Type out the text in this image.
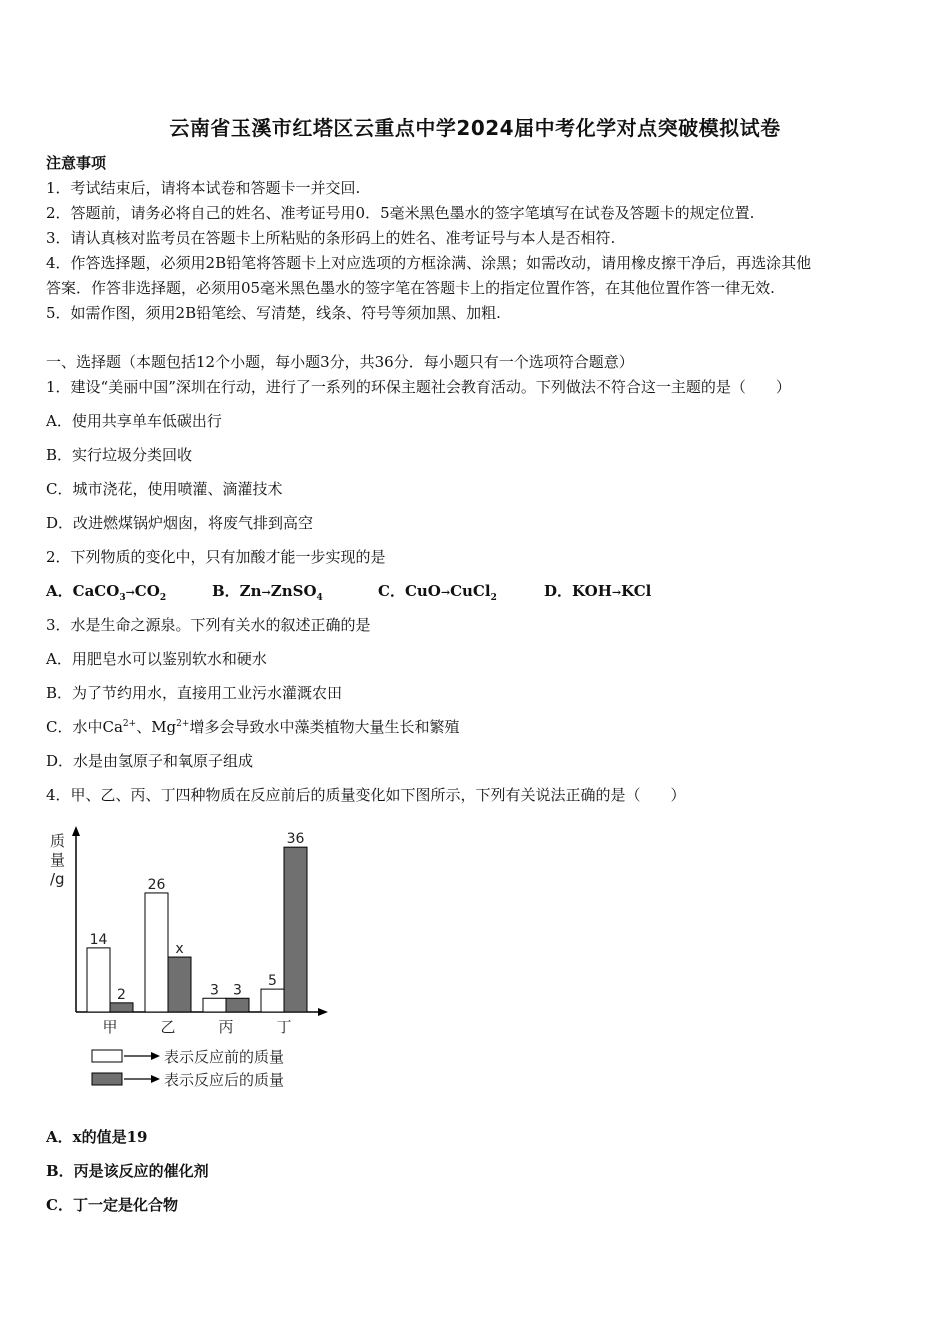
云南省玉溪市红塔区云重点中学2024届中考化学对点突破模拟试卷
注意事项
1．考试结束后，请将本试卷和答题卡一并交回.
2．答题前，请务必将自己的姓名、准考证号用0．5毫米黑色墨水的签字笔填写在试卷及答题卡的规定位置.
3．请认真核对监考员在答题卡上所粘贴的条形码上的姓名、准考证号与本人是否相符.
4．作答选择题，必须用2B铅笔将答题卡上对应选项的方框涂满、涂黑；如需改动，请用橡皮擦干净后，再选涂其他
答案．作答非选择题，必须用05毫米黑色墨水的签字笔在答题卡上的指定位置作答，在其他位置作答一律无效.
5．如需作图，须用2B铅笔绘、写清楚，线条、符号等须加黑、加粗.
一、选择题（本题包括12个小题，每小题3分，共36分．每小题只有一个选项符合题意）
1．建设“美丽中国”深圳在行动，进行了一系列的环保主题社会教育活动。下列做法不符合这一主题的是（　　）
A．使用共享单车低碳出行
B．实行垃圾分类回收
C．城市浇花，使用喷灌、滴灌技术
D．改进燃煤锅炉烟囱，将废气排到高空
2．下列物质的变化中，只有加酸才能一步实现的是
A．$CaCO_3\to CO_2$	B．Zn→ZnSO$_4$	C．CuO→CuCl$_2$	D．KOH→KCl
3．水是生命之源泉。下列有关水的叙述正确的是
A．用肥皂水可以鉴别软水和硬水
B．为了节约用水，直接用工业污水灌溉农田
C．水中$Ca^{2+}$、$Mg^{2+}$增多会导致水中藻类植物大量生长和繁殖
D．水是由氢原子和氧原子组成
4．甲、乙、丙、丁四种物质在反应前后的质量变化如下图所示，下列有关说法正确的是（　　）
质
量
/g
14
2
甲
26
x
乙
3 3
丙
5
36
丁
表示反应前的质量
表示反应后的质量
A．x的值是19
B．丙是该反应的催化剂
C．丁一定是化合物
